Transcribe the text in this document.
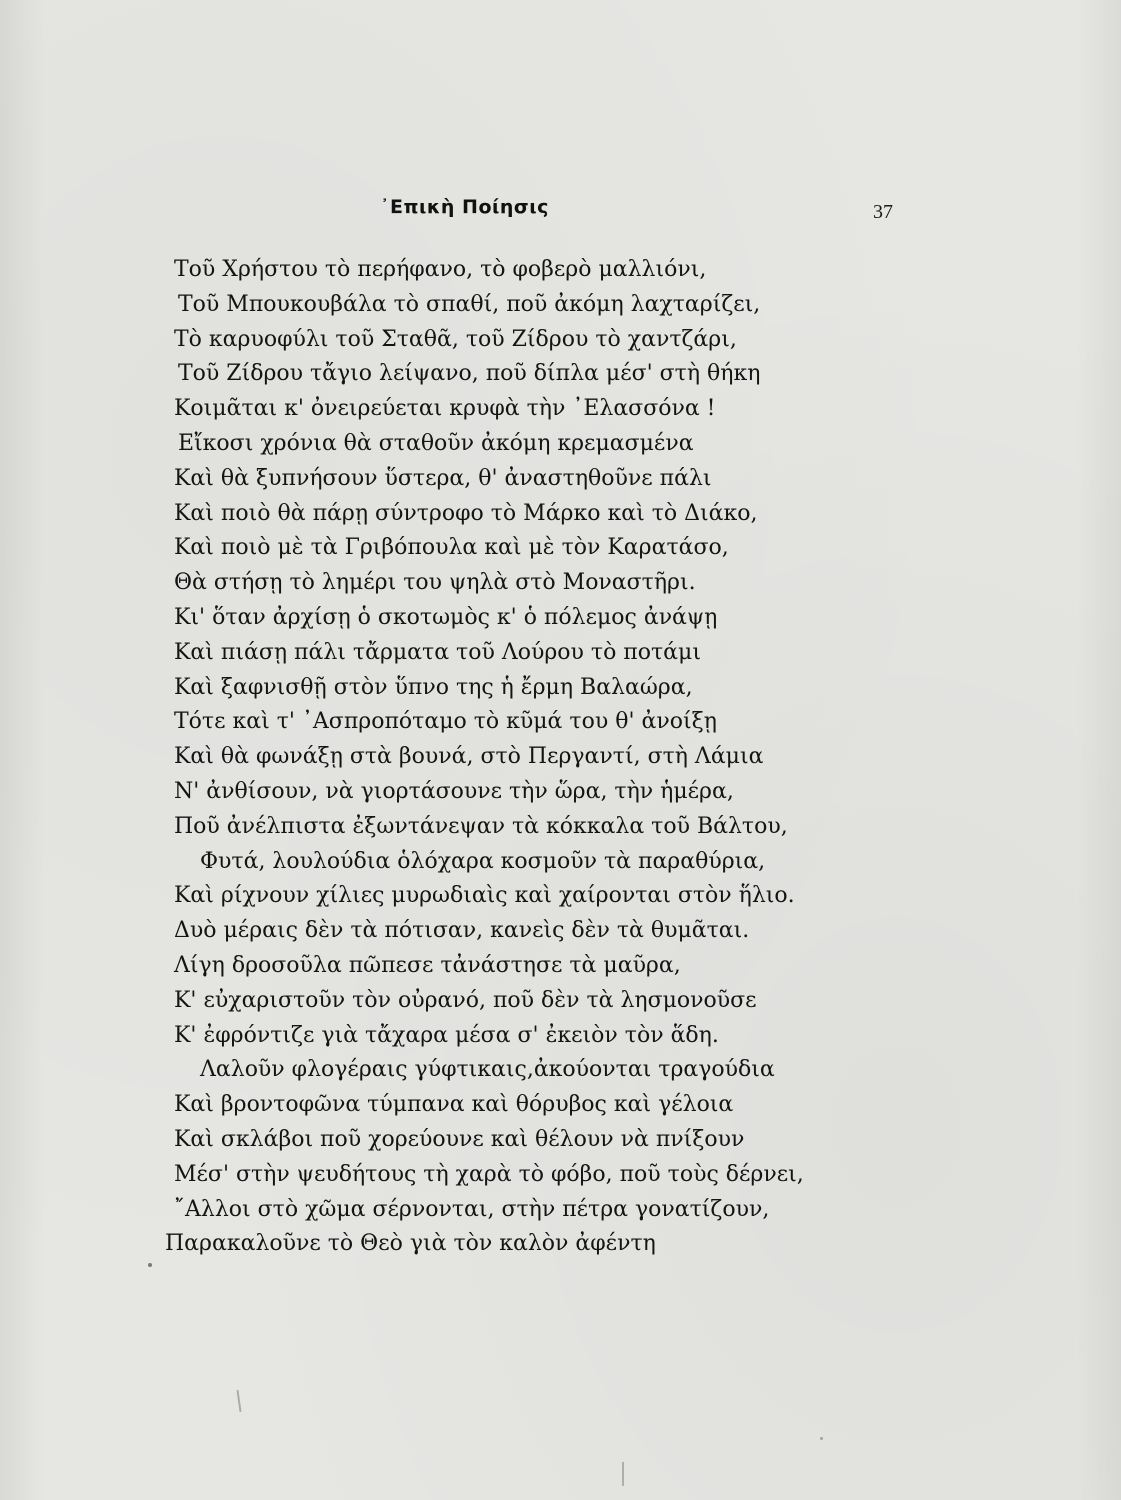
᾿Επικὴ Ποίησις	37
Τοῦ Χρήστου τὸ περήφανο, τὸ φοβερὸ μαλλιόνι,
Τοῦ Μπουκουβάλα τὸ σπαθί, ποῦ ἀκόμη λαχταρίζει,
Τὸ καρυοφύλι τοῦ Σταθᾶ, τοῦ Ζίδρου τὸ χαντζάρι,
Τοῦ Ζίδρου τἄγιο λείψανο, ποῦ δίπλα μέσ' στὴ θήκη
Κοιμᾶται κ' ὀνειρεύεται κρυφὰ τὴν ᾿Ελασσόνα !
Εἴκοσι χρόνια θὰ σταθοῦν ἀκόμη κρεμασμένα
Καὶ θὰ ξυπνήσουν ὕστερα, θ' ἀναστηθοῦνε πάλι
Καὶ ποιὸ θὰ πάρῃ σύντροφο τὸ Μάρκο καὶ τὸ Διάκο,
Καὶ ποιὸ μὲ τὰ Γριβόπουλα καὶ μὲ τὸν Καρατάσο,
Θὰ στήσῃ τὸ λημέρι του ψηλὰ στὸ Μοναστῆρι.
Κι' ὅταν ἀρχίσῃ ὁ σκοτωμὸς κ' ὁ πόλεμος ἀνάψῃ
Καὶ πιάσῃ πάλι τἄρματα τοῦ Λούρου τὸ ποτάμι
Καὶ ξαφνισθῇ στὸν ὕπνο της ἡ ἔρμη Βαλαώρα,
Τότε καὶ τ' ᾿Ασπροπόταμο τὸ κῦμά του θ' ἀνοίξῃ
Καὶ θὰ φωνάξῃ στὰ βουνά, στὸ Περγαντί, στὴ Λάμια
Ν' ἀνθίσουν, νὰ γιορτάσουνε τὴν ὥρα, τὴν ἡμέρα,
Ποῦ ἀνέλπιστα ἐξωντάνεψαν τὰ κόκκαλα τοῦ Βάλτου,
Φυτά, λουλούδια ὁλόχαρα κοσμοῦν τὰ παραθύρια,
Καὶ ρίχνουν χίλιες μυρωδιαὶς καὶ χαίρονται στὸν ἥλιο.
Δυὸ μέραις δὲν τὰ πότισαν, κανεὶς δὲν τὰ θυμᾶται.
Λίγη δροσοῦλα πῶπεσε τἀνάστησε τὰ μαῦρα,
Κ' εὐχαριστοῦν τὸν οὐρανό, ποῦ δὲν τὰ λησμονοῦσε
Κ' ἐφρόντιζε γιὰ τἄχαρα μέσα σ' ἐκειὸν τὸν ἅδη.
Λαλοῦν φλογέραις γύφτικαις,ἀκούονται τραγούδια
Καὶ βροντοφῶνα τύμπανα καὶ θόρυβος καὶ γέλοια
Καὶ σκλάβοι ποῦ χορεύουνε καὶ θέλουν νὰ πνίξουν
Μέσ' στὴν ψευδήτους τὴ χαρὰ τὸ φόβο, ποῦ τοὺς δέρνει,
῎Αλλοι στὸ χῶμα σέρνονται, στὴν πέτρα γονατίζουν,
Παρακαλοῦνε τὸ Θεὸ γιὰ τὸν καλὸν ἀφέντη
